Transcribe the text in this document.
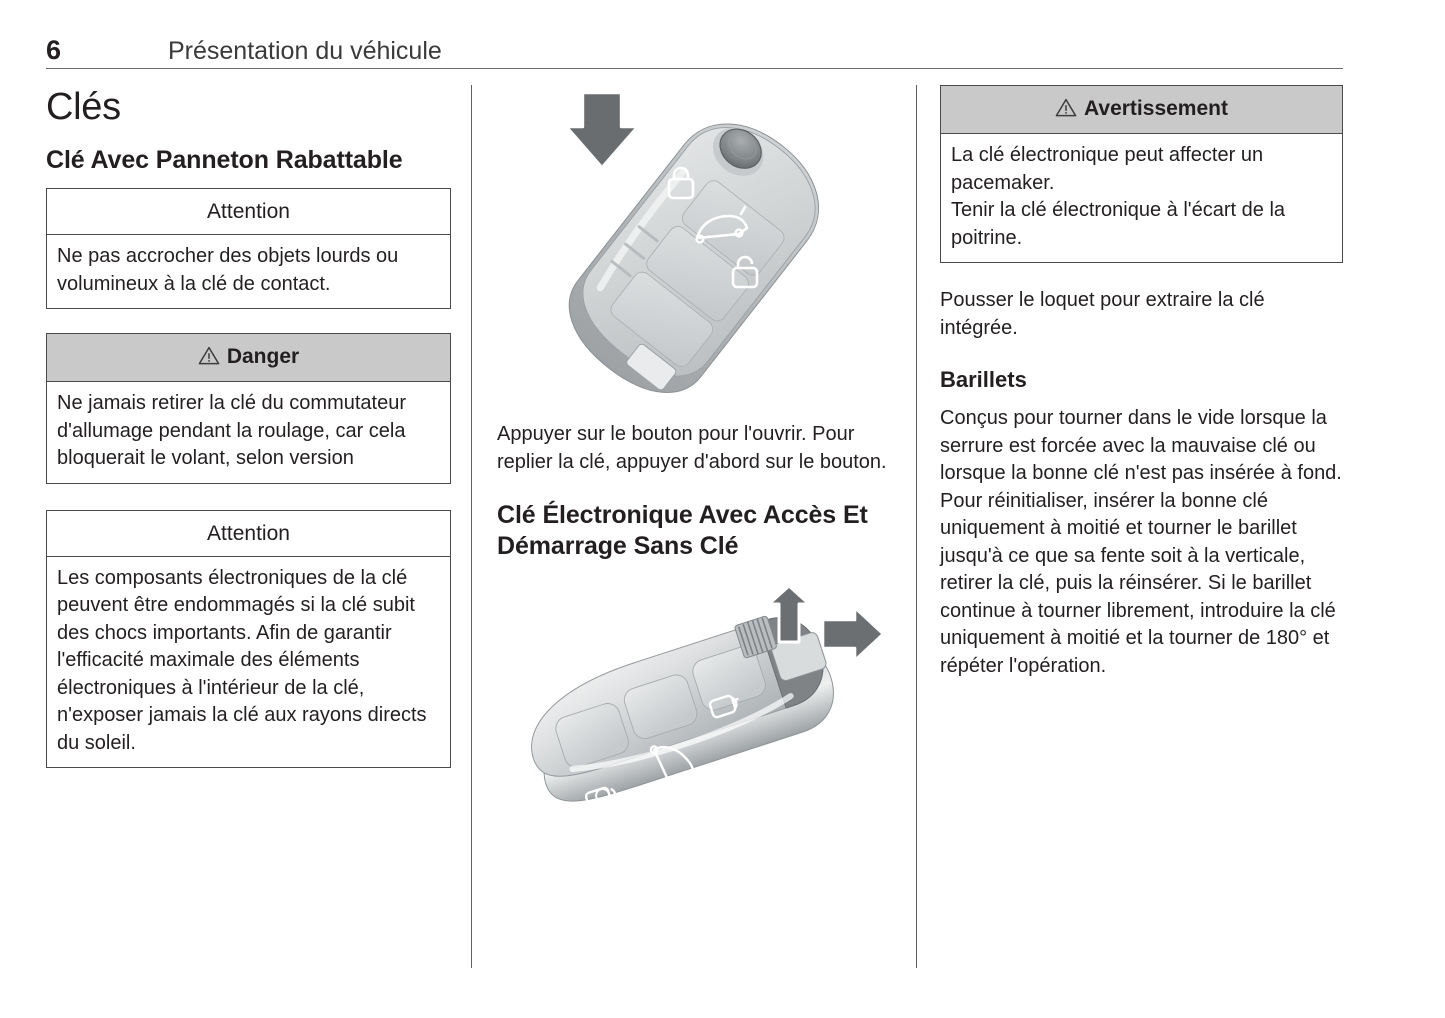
6	Présentation du véhicule
Clés
Clé Avec Panneton Rabattable
Attention
Ne pas accrocher des objets lourds ou volumineux à la clé de contact.
Danger
Ne jamais retirer la clé du commutateur d'allumage pendant la roulage, car cela bloquerait le volant, selon version
Attention
Les composants électroniques de la clé peuvent être endommagés si la clé subit des chocs importants. Afin de garantir l'efficacité maximale des éléments électroniques à l'intérieur de la clé, n'exposer jamais la clé aux rayons directs du soleil.

Appuyer sur le bouton pour l'ouvrir. Pour replier la clé, appuyer d'abord sur le bouton.

Clé Électronique Avec Accès Et Démarrage Sans Clé
Avertissement
La clé électronique peut affecter un pacemaker.
Tenir la clé électronique à l'écart de la poitrine.

Pousser le loquet pour extraire la clé intégrée.

Barillets

Conçus pour tourner dans le vide lorsque la serrure est forcée avec la mauvaise clé ou lorsque la bonne clé n'est pas insérée à fond. Pour réinitialiser, insérer la bonne clé uniquement à moitié et tourner le barillet jusqu'à ce que sa fente soit à la verticale, retirer la clé, puis la réinsérer. Si le barillet continue à tourner librement, introduire la clé uniquement à moitié et la tourner de 180° et répéter l'opération.
